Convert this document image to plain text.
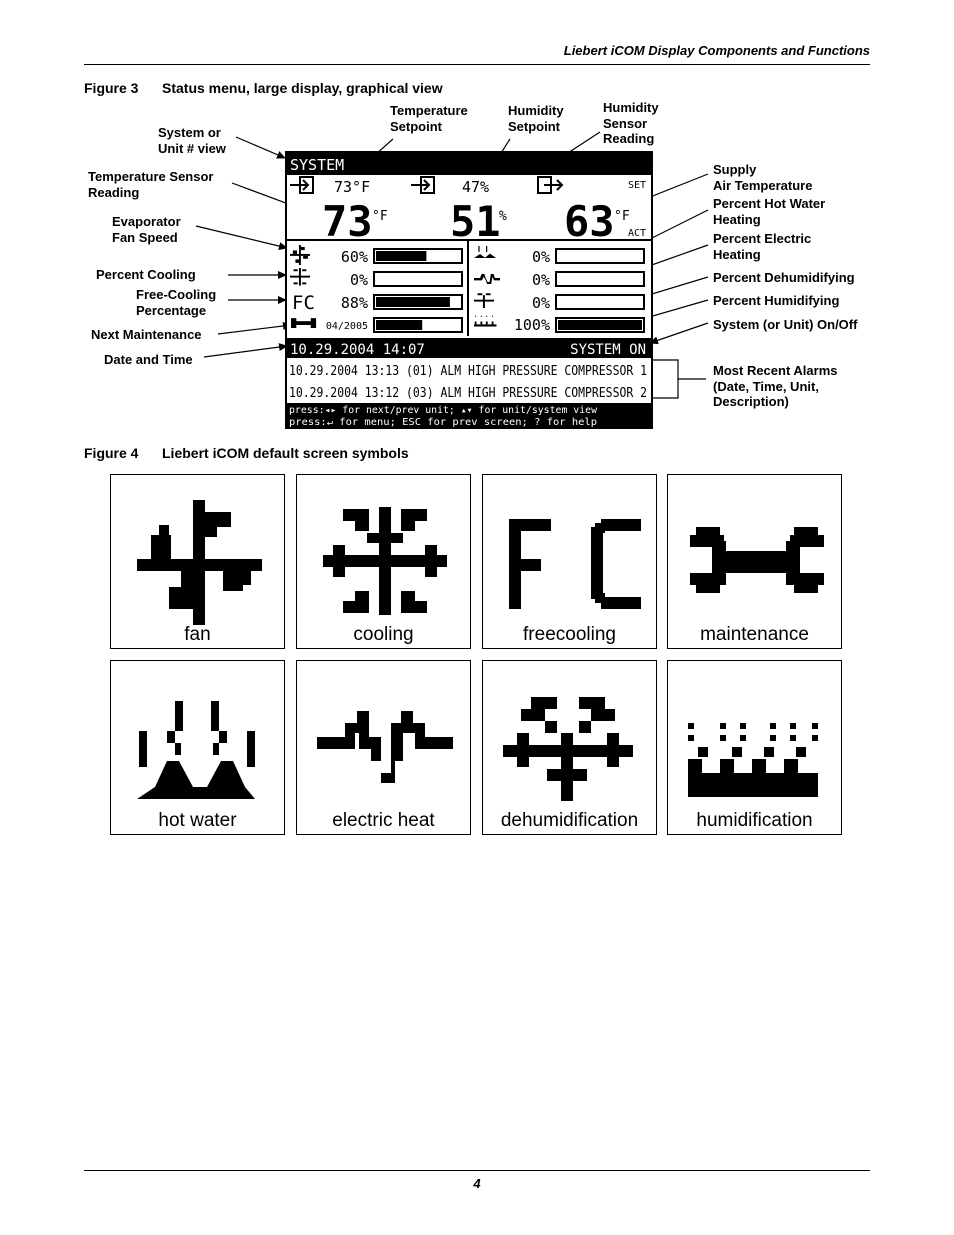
Liebert iCOM Display Components and Functions
Figure 3 Status menu, large display, graphical view
System or
Unit # view
Temperature
Setpoint
Humidity
Setpoint
Humidity
Sensor
Reading
Temperature Sensor
Reading
Evaporator
Fan Speed
Percent Cooling
Free-Cooling
Percentage
Next Maintenance
Date and Time
Supply
Air Temperature
Percent Hot Water
Heating
Percent Electric
Heating
Percent Dehumidifying
Percent Humidifying
System (or Unit) On/Off
Most Recent Alarms
(Date, Time, Unit,
Description)
SYSTEM
73°F	47%	SET
73 °F 51
% 63 °F
ACT
FC
60%
0%
88%
04/2005
0%
0%
0%
100%
10.29.2004 14:07	SYSTEM ON
10.29.2004 13:13 (01) ALM HIGH PRESSURE COMPRESSOR 1
10.29.2004 13:12 (03) ALM HIGH PRESSURE COMPRESSOR 2
press:◂▸ for next/prev unit; ▴▾ for unit/system view
press:↵ for menu; ESC for prev screen; ? for help
Figure 4 Liebert iCOM default screen symbols
fan	cooling	freecooling	maintenance
hot water	electric heat	dehumidification	humidification
4
